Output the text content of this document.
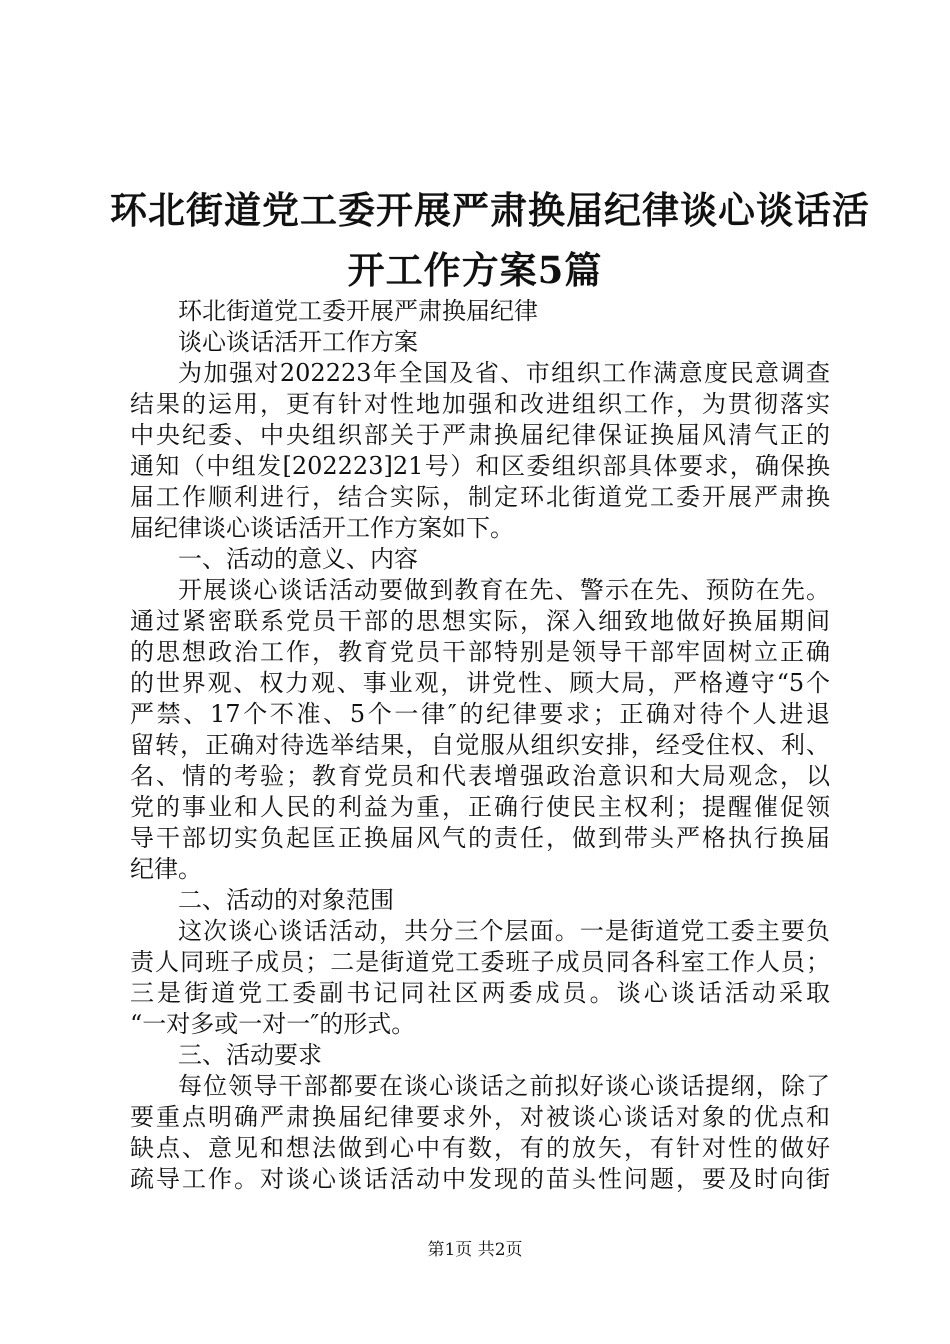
环北街道党工委开展严肃换届纪律谈心谈话活
开工作方案5篇
环北街道党工委开展严肃换届纪律
谈心谈话活开工作方案
为加强对202223年全国及省、市组织工作满意度民意调查
结果的运用，更有针对性地加强和改进组织工作，为贯彻落实
中央纪委、中央组织部关于严肃换届纪律保证换届风清气正的
通知（中组发[202223]21号）和区委组织部具体要求，确保换
届工作顺利进行，结合实际，制定环北街道党工委开展严肃换
届纪律谈心谈话活开工作方案如下。
一、活动的意义、内容
开展谈心谈话活动要做到教育在先、警示在先、预防在先。
通过紧密联系党员干部的思想实际，深入细致地做好换届期间
的思想政治工作，教育党员干部特别是领导干部牢固树立正确
的世界观、权力观、事业观，讲党性、顾大局，严格遵守“5个
严禁、17个不准、5个一律″的纪律要求；正确对待个人进退
留转，正确对待选举结果，自觉服从组织安排，经受住权、利、
名、情的考验；教育党员和代表增强政治意识和大局观念，以
党的事业和人民的利益为重，正确行使民主权利；提醒催促领
导干部切实负起匡正换届风气的责任，做到带头严格执行换届
纪律。
二、活动的对象范围
这次谈心谈话活动，共分三个层面。一是街道党工委主要负
责人同班子成员；二是街道党工委班子成员同各科室工作人员；
三是街道党工委副书记同社区两委成员。谈心谈话活动采取
“一对多或一对一″的形式。
三、活动要求
每位领导干部都要在谈心谈话之前拟好谈心谈话提纲，除了
要重点明确严肃换届纪律要求外，对被谈心谈话对象的优点和
缺点、意见和想法做到心中有数，有的放矢，有针对性的做好
疏导工作。对谈心谈话活动中发现的苗头性问题，要及时向街
第1页 共2页
